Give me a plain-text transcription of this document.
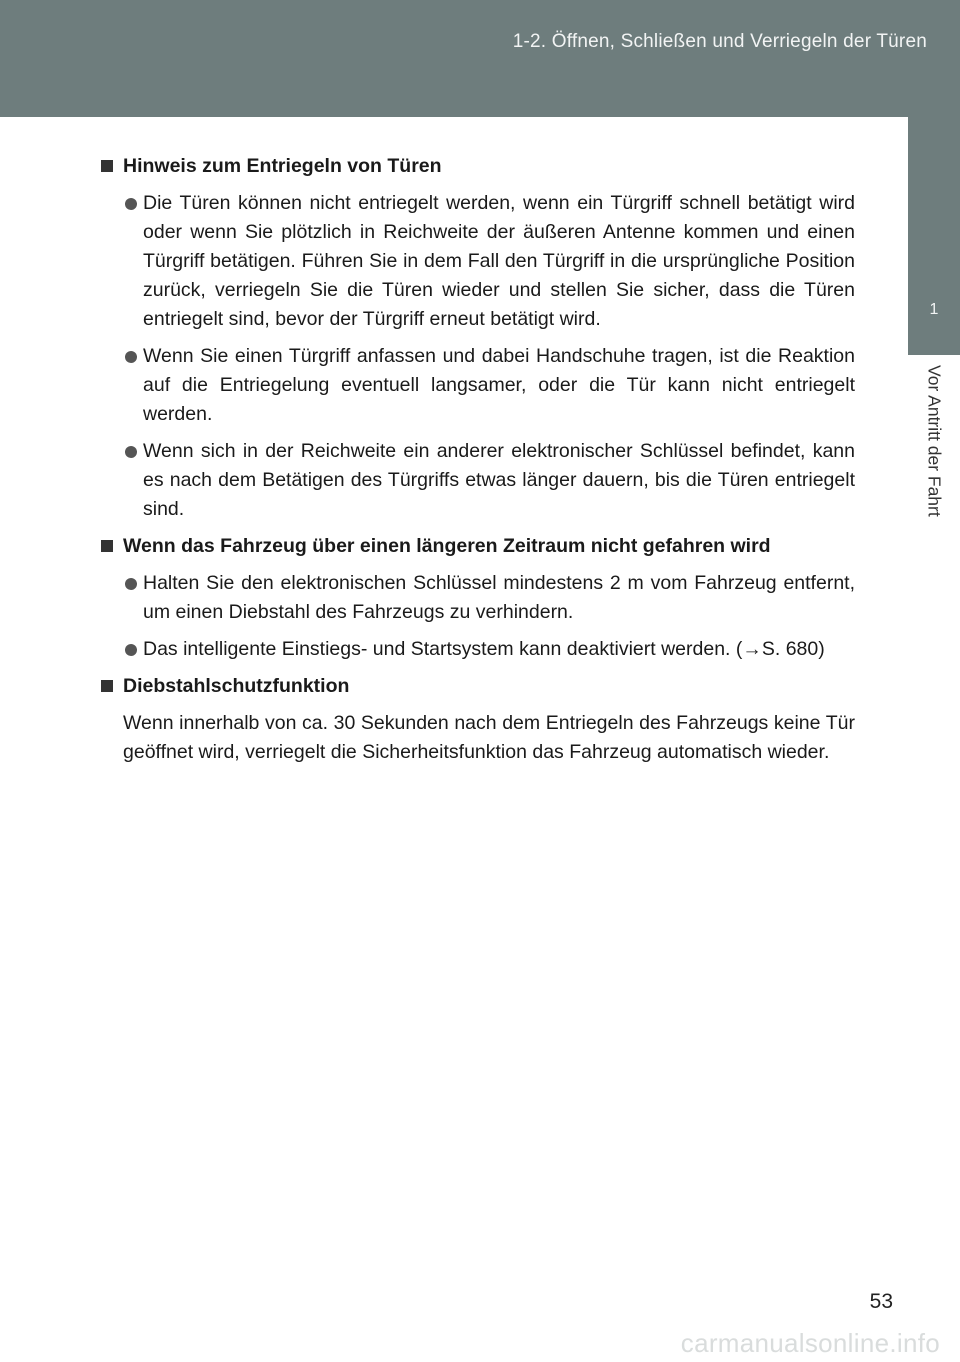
1-2. Öffnen, Schließen und Verriegeln der Türen
1
Vor Antritt der Fahrt
Hinweis zum Entriegeln von Türen
Die Türen können nicht entriegelt werden, wenn ein Türgriff schnell betätigt wird oder wenn Sie plötzlich in Reichweite der äußeren Antenne kommen und einen Türgriff betätigen. Führen Sie in dem Fall den Türgriff in die ursprüngliche Position zurück, verriegeln Sie die Türen wieder und stellen Sie sicher, dass die Türen entriegelt sind, bevor der Türgriff erneut betätigt wird.
Wenn Sie einen Türgriff anfassen und dabei Handschuhe tragen, ist die Reaktion auf die Entriegelung eventuell langsamer, oder die Tür kann nicht entriegelt werden.
Wenn sich in der Reichweite ein anderer elektronischer Schlüssel befindet, kann es nach dem Betätigen des Türgriffs etwas länger dauern, bis die Türen entriegelt sind.
Wenn das Fahrzeug über einen längeren Zeitraum nicht gefahren wird
Halten Sie den elektronischen Schlüssel mindestens 2 m vom Fahrzeug entfernt, um einen Diebstahl des Fahrzeugs zu verhindern.
Das intelligente Einstiegs- und Startsystem kann deaktiviert werden. (→S. 680)
Diebstahlschutzfunktion
Wenn innerhalb von ca. 30 Sekunden nach dem Entriegeln des Fahrzeugs keine Tür geöffnet wird, verriegelt die Sicherheitsfunktion das Fahrzeug automatisch wieder.
53
carmanualsonline.info
